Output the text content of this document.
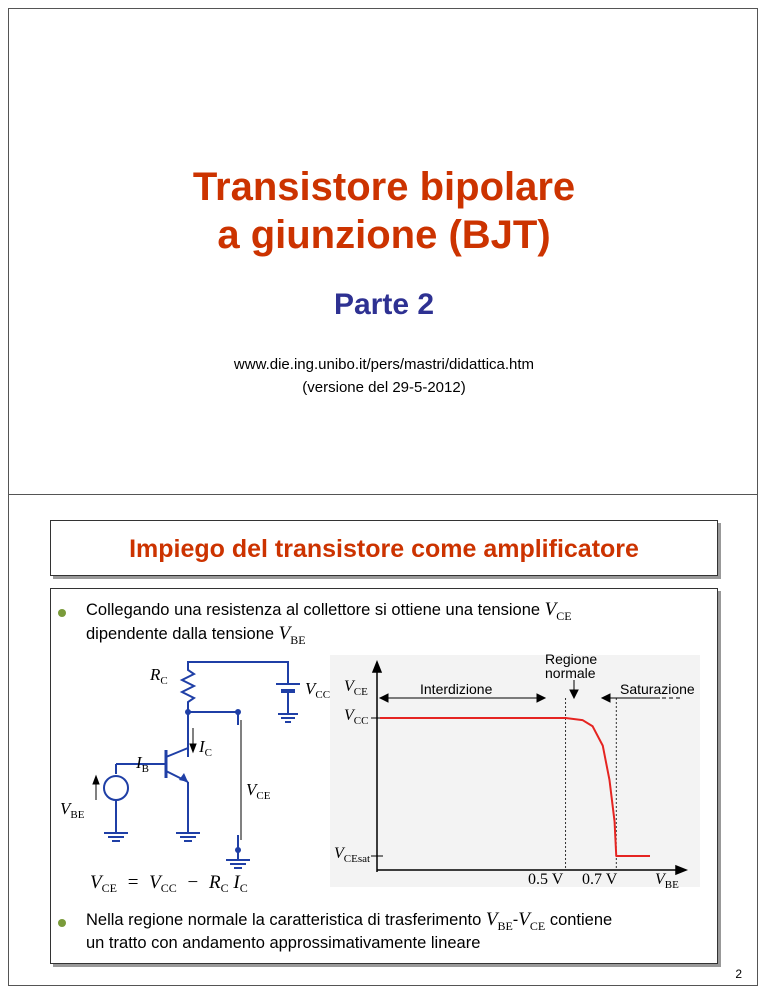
Transistore bipolare
a giunzione (BJT)
Parte 2
www.die.ing.unibo.it/pers/mastri/didattica.htm
(versione del 29-5-2012)
Impiego del transistore come amplificatore
Collegando una resistenza al collettore si ottiene una tensione $V_{CE}$
dipendente dalla tensione $V_{BE}$
Nella regione normale la caratteristica di trasferimento $V_{BE}-V_{CE}$ contiene
un tratto con andamento approssimativamente lineare
2
$R_C$	$V_{CC}$
$I_C$
$I_B$
$V_{CE}$
$V_{BE}$
$V_{CE} = V_{CC} - R_C$ $I_C$
Interdizione
Regione
normale
Saturazione
$V_{CE}$
$V_{BE}$
$V_{CC}$
$V_{CEsat}$
0.5 V 0.7 V
